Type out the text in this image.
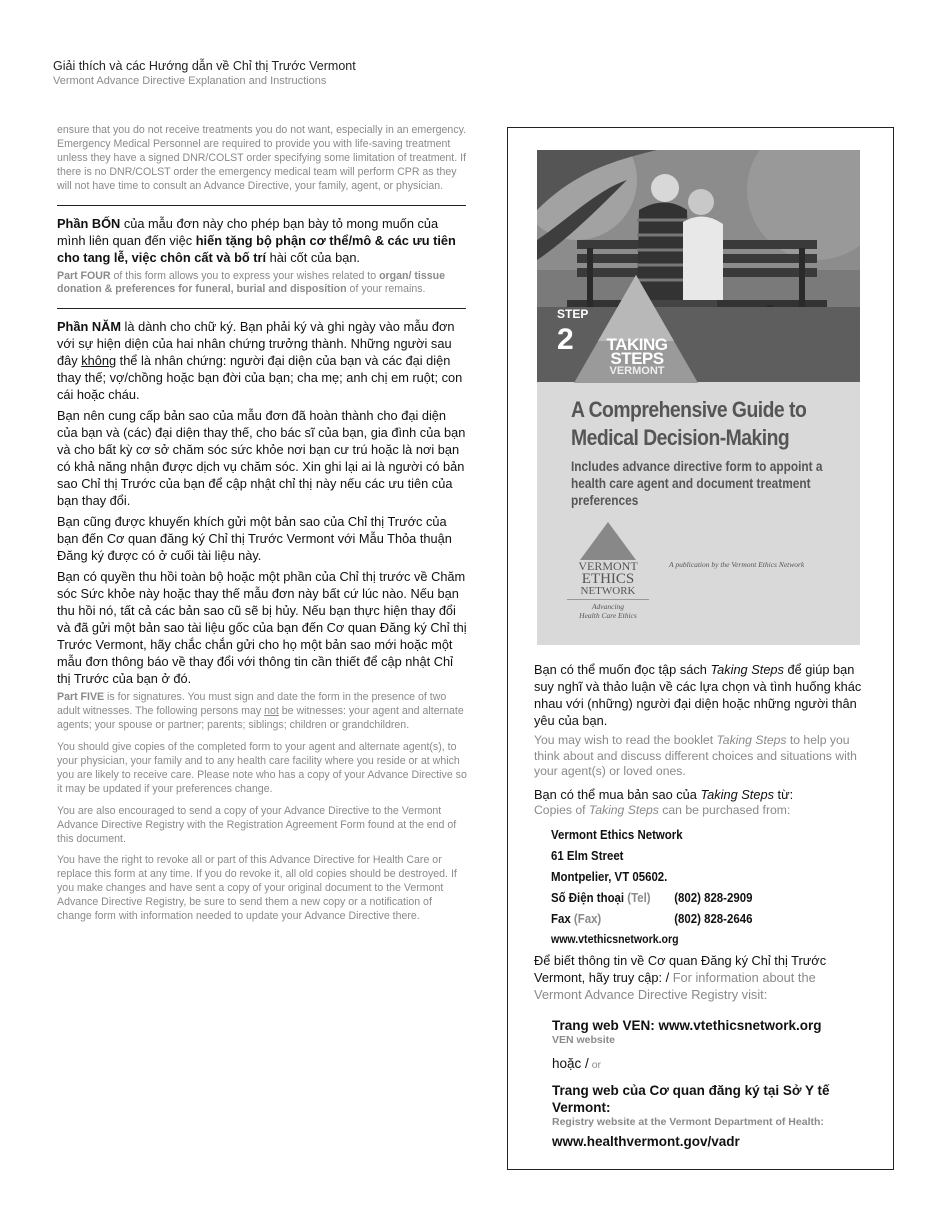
Giải thích và các Hướng dẫn về Chỉ thị Trước Vermont
Vermont Advance Directive Explanation and Instructions

ensure that you do not receive treatments you do not want, especially in an emergency. Emergency Medical Personnel are required to provide you with life-saving treatment unless they have a signed DNR/COLST order specifying some limitation of treatment. If there is no DNR/COLST order the emergency medical team will perform CPR as they will not have time to consult an Advance Directive, your family, agent, or physician.

Phần BỐN của mẫu đơn này cho phép bạn bày tỏ mong muốn của mình liên quan đến việc hiến tặng bộ phận cơ thể/mô & các ưu tiên cho tang lễ, việc chôn cất và bố trí hài cốt của bạn.

Part FOUR of this form allows you to express your wishes related to organ/ tissue donation & preferences for funeral, burial and disposition of your remains.

Phần NĂM là dành cho chữ ký. Bạn phải ký và ghi ngày vào mẫu đơn với sự hiện diện của hai nhân chứng trưởng thành. Những người sau đây không thể là nhân chứng: người đại diện của bạn và các đại diện thay thế; vợ/chồng hoặc bạn đời của bạn; cha mẹ; anh chị em ruột; con cái hoặc cháu.

Bạn nên cung cấp bản sao của mẫu đơn đã hoàn thành cho đại diện của bạn và (các) đại diện thay thế, cho bác sĩ của bạn, gia đình của bạn và cho bất kỳ cơ sở chăm sóc sức khỏe nơi bạn cư trú hoặc là nơi bạn có khả năng nhận được dịch vụ chăm sóc. Xin ghi lại ai là người có bản sao Chỉ thị Trước của bạn để cập nhật chỉ thị này nếu các ưu tiên của bạn thay đổi.

Bạn cũng được khuyến khích gửi một bản sao của Chỉ thị Trước của bạn đến Cơ quan đăng ký Chỉ thị Trước Vermont với Mẫu Thỏa thuận Đăng ký được có ở cuối tài liệu này.

Bạn có quyền thu hồi toàn bộ hoặc một phần của Chỉ thị trước về Chăm sóc Sức khỏe này hoặc thay thế mẫu đơn này bất cứ lúc nào. Nếu bạn thu hồi nó, tất cả các bản sao cũ sẽ bị hủy. Nếu bạn thực hiện thay đổi và đã gửi một bản sao tài liệu gốc của bạn đến Cơ quan Đăng ký Chỉ thị Trước Vermont, hãy chắc chắn gửi cho họ một bản sao mới hoặc một mẫu đơn thông báo về thay đổi với thông tin cần thiết để cập nhật Chỉ thị Trước của bạn ở đó.

Part FIVE is for signatures. You must sign and date the form in the presence of two adult witnesses. The following persons may not be witnesses: your agent and alternate agents; your spouse or partner; parents; siblings; children or grandchildren.

You should give copies of the completed form to your agent and alternate agent(s), to your physician, your family and to any health care facility where you reside or at which you are likely to receive care. Please note who has a copy of your Advance Directive so it may be updated if your preferences change.

You are also encouraged to send a copy of your Advance Directive to the Vermont Advance Directive Registry with the Registration Agreement Form found at the end of this document.

You have the right to revoke all or part of this Advance Directive for Health Care or replace this form at any time. If you do revoke it, all old copies should be destroyed. If you make changes and have sent a copy of your original document to the Vermont Advance Directive Registry, be sure to send them a new copy or a notification of change form with information needed to update your Advance Directive there.

STEP
2	TAKING
STEPS
VERMONT
A Comprehensive Guide to
Medical Decision-Making
Includes advance directive form to appoint a health care agent and document treatment preferences
VERMONT
ETHICS
NETWORK
Advancing
Health Care Ethics
A publication by the Vermont Ethics Network

Bạn có thể muốn đọc tập sách Taking Steps để giúp bạn suy nghĩ và thảo luận về các lựa chọn và tình huống khác nhau với (những) người đại diện hoặc những người thân yêu của bạn.

You may wish to read the booklet Taking Steps to help you think about and discuss different choices and situations with your agent(s) or loved ones.

Bạn có thể mua bản sao của Taking Steps từ:

Copies of Taking Steps can be purchased from:

Vermont Ethics Network
61 Elm Street
Montpelier, VT 05602.
Số Điện thoại (Tel)	(802) 828-2909
Fax (Fax)	(802) 828-2646
www.vtethicsnetwork.org

Để biết thông tin về Cơ quan Đăng ký Chỉ thị Trước Vermont, hãy truy cập: / For information about the Vermont Advance Directive Registry visit:

Trang web VEN: www.vtethicsnetwork.org
VEN website
hoặc / or
Trang web của Cơ quan đăng ký tại Sở Y tế Vermont:
Registry website at the Vermont Department of Health:
www.healthvermont.gov/vadr
